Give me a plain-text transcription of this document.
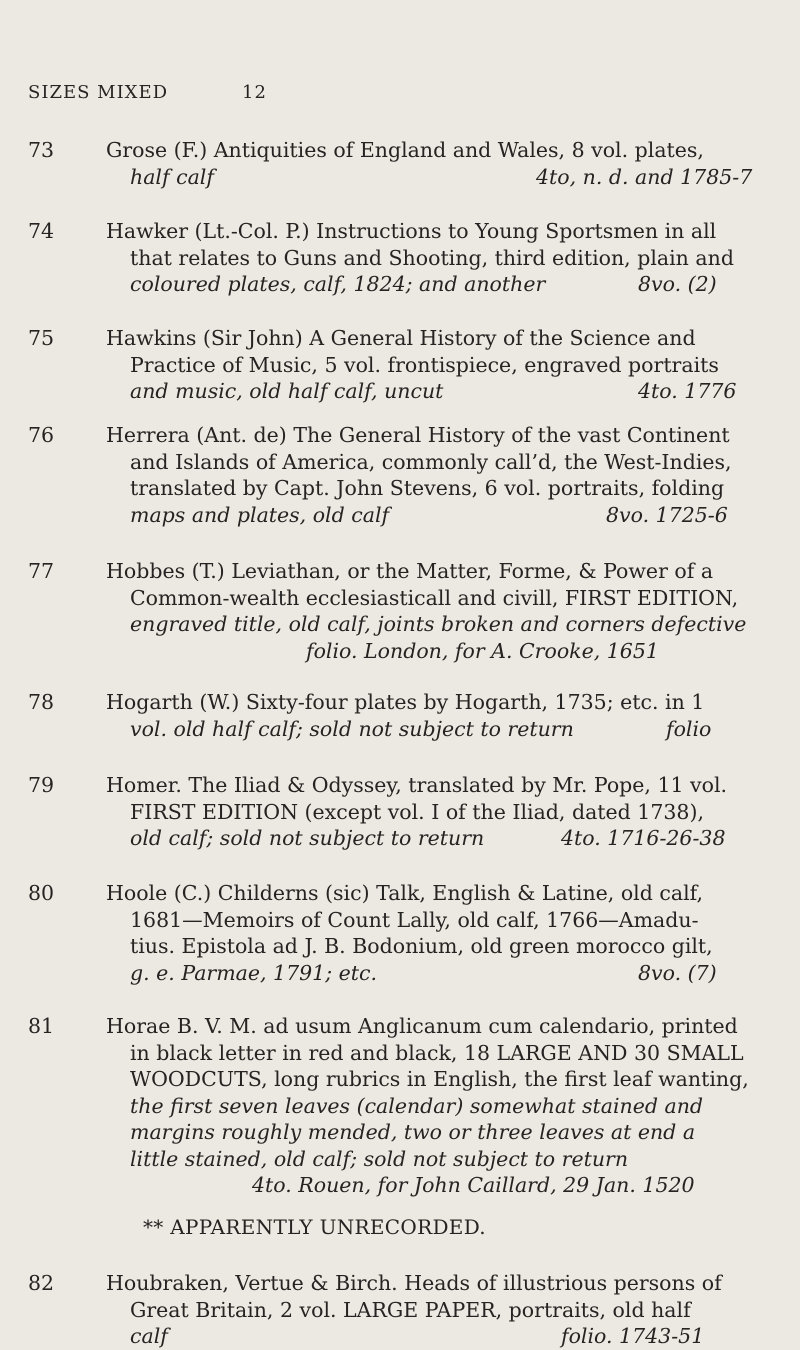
SIZES MIXED	12
73	Grose (F.) Antiquities of England and Wales, 8 vol. plates,
half calf	4to, n. d. and 1785-7
74	Hawker (Lt.-Col. P.) Instructions to Young Sportsmen in all
that relates to Guns and Shooting, third edition, plain and
coloured plates, calf, 1824; and another	8vo. (2)
75	Hawkins (Sir John) A General History of the Science and
Practice of Music, 5 vol. frontispiece, engraved portraits
and music, old half calf, uncut	4to. 1776
76	Herrera (Ant. de) The General History of the vast Continent
and Islands of America, commonly call’d, the West-Indies,
translated by Capt. John Stevens, 6 vol. portraits, folding
maps and plates, old calf	8vo. 1725-6
77	Hobbes (T.) Leviathan, or the Matter, Forme, & Power of a
Common-wealth ecclesiasticall and civill, FIRST EDITION,
engraved title, old calf, joints broken and corners defective
folio. London, for A. Crooke, 1651
78	Hogarth (W.) Sixty-four plates by Hogarth, 1735; etc. in 1
vol. old half calf; sold not subject to return	folio
79	Homer. The Iliad & Odyssey, translated by Mr. Pope, 11 vol.
FIRST EDITION (except vol. I of the Iliad, dated 1738),
old calf; sold not subject to return	4to. 1716-26-38
80	Hoole (C.) Childerns (sic) Talk, English & Latine, old calf,
1681—Memoirs of Count Lally, old calf, 1766—Amadu-
tius. Epistola ad J. B. Bodonium, old green morocco gilt,
g. e. Parmae, 1791; etc.	8vo. (7)
81	Horae B. V. M. ad usum Anglicanum cum calendario, printed
in black letter in red and black, 18 LARGE AND 30 SMALL
WOODCUTS, long rubrics in English, the first leaf wanting,
the first seven leaves (calendar) somewhat stained and
margins roughly mended, two or three leaves at end a
little stained, old calf; sold not subject to return
4to. Rouen, for John Caillard, 29 Jan. 1520
** APPARENTLY UNRECORDED.
82	Houbraken, Vertue & Birch. Heads of illustrious persons of
Great Britain, 2 vol. LARGE PAPER, portraits, old half
calf	folio. 1743-51
